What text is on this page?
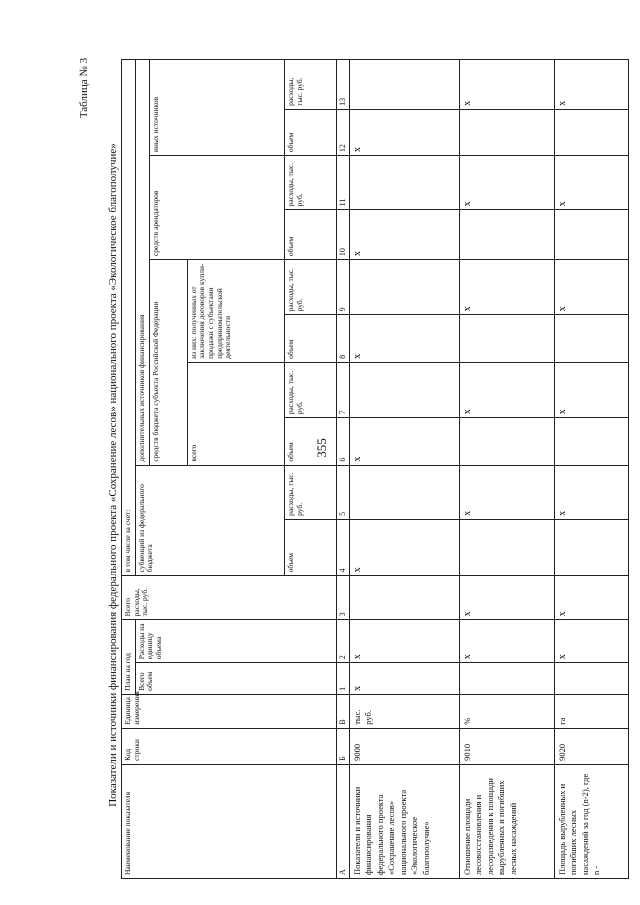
355
Таблица № 3
Показатели и источники финансирования федерального проекта «Сохранение лесов» национального проекта «Экологическое благополучие»
Наименование показателя	Код строки	Единица измерения	План на год		Всего расходы, тыс. руб.	в том числе за счет:									
			Всего объем	Расходы на единицу объема		субвенций из федерального бюджета		дополнительных источников финансирования							
								средств бюджета субъекта Российской Федерации				средств арендаторов		иных источников	
								всего		из них: полученных от заключения договоров купли-продажи с субъектами предпринимательской деятельности					

						объем	расходы, тыс. руб.	объем	расходы, тыс. руб.	объем	расходы, тыс. руб.	объем	расходы, тыс. руб.	объем	расходы, тыс. руб.
А	Б	В	1	2	3	4	5	6	7	8	9	10	11	12	13
Показатели и источники финансирования федерального проекта «Сохранение лесов» национального проекта «Экологическое благополучие»	9000	тыс. руб.	x	x		x		x		x		x		x	
Отношение площади лесовосстановления и лесоразведения к площади вырубленных и погибших лесных насаждений	9010	%		x	x		x		x		x		x		x
Площадь вырубленных и погибших лесных насаждений за год (n-2), где n -	9020	га		x	x		x		x		x		x		x
